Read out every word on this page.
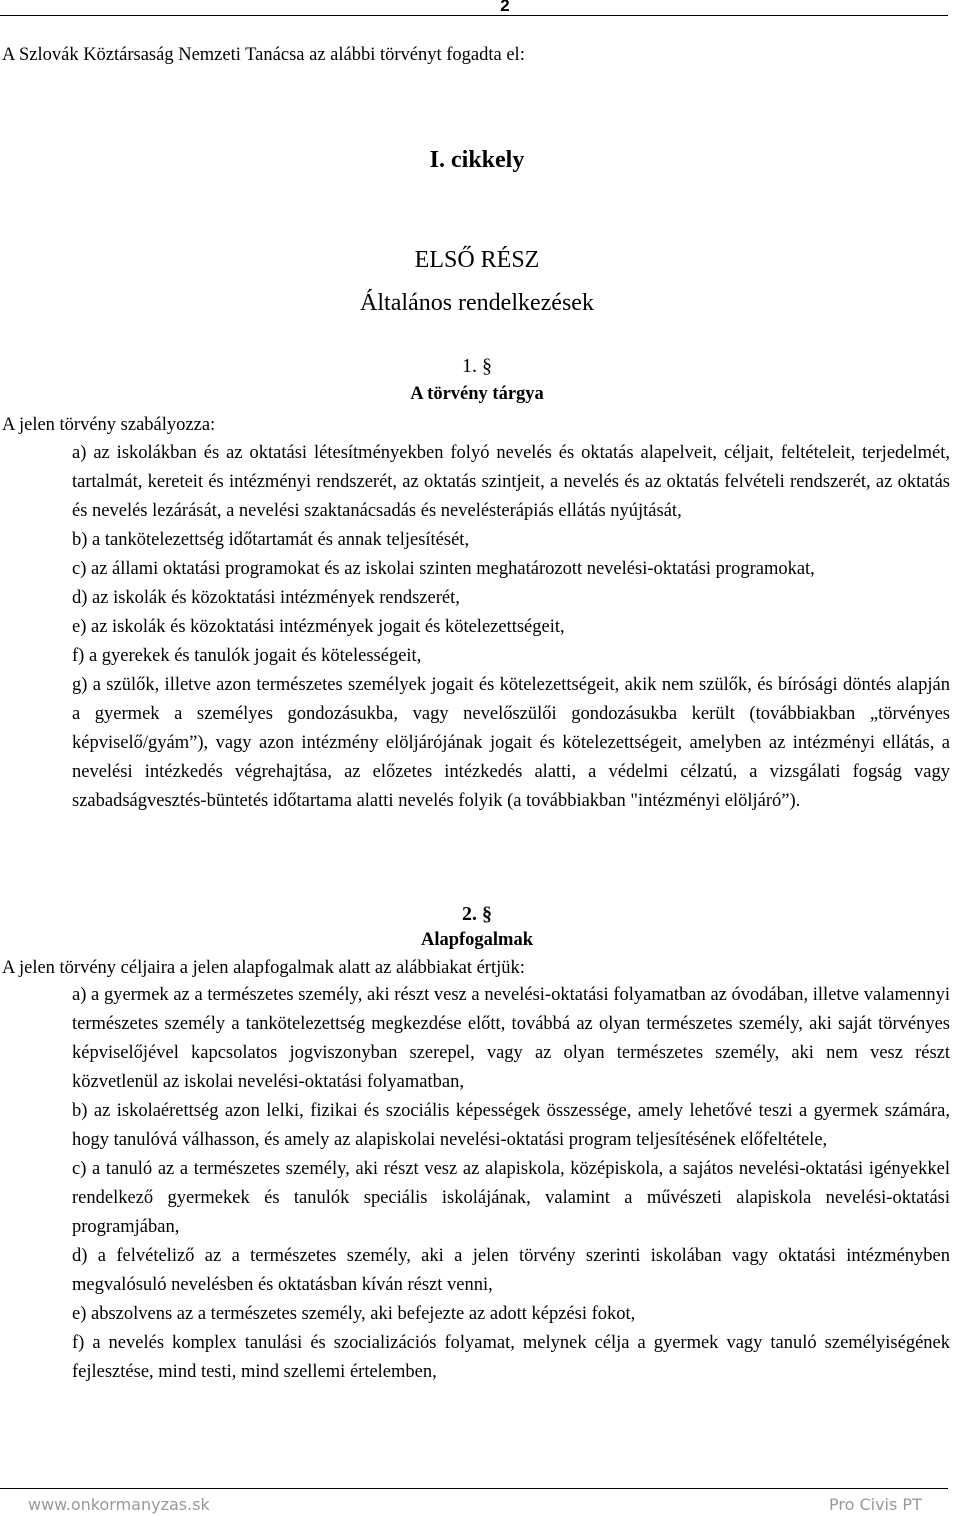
2
A Szlovák Köztársaság Nemzeti Tanácsa az alábbi törvényt fogadta el:
I. cikkely
ELSŐ RÉSZ
Általános rendelkezések
1. §
A törvény tárgya
A jelen törvény szabályozza:

a) az iskolákban és az oktatási létesítményekben folyó nevelés és oktatás alapelveit, céljait, feltételeit, terjedelmét, tartalmát, kereteit és intézményi rendszerét, az oktatás szintjeit, a nevelés és az oktatás felvételi rendszerét, az oktatás és nevelés lezárását, a nevelési szaktanácsadás és nevelésterápiás ellátás nyújtását,

b) a tankötelezettség időtartamát és annak teljesítését,

c) az állami oktatási programokat és az iskolai szinten meghatározott nevelési-oktatási programokat,

d) az iskolák és közoktatási intézmények rendszerét,

e) az iskolák és közoktatási intézmények jogait és kötelezettségeit,

f) a gyerekek és tanulók jogait és kötelességeit,

g) a szülők, illetve azon természetes személyek jogait és kötelezettségeit, akik nem szülők, és bírósági döntés alapján a gyermek a személyes gondozásukba, vagy nevelőszülői gondozásukba került (továbbiakban „törvényes képviselő/gyám”), vagy azon intézmény elöljárójának jogait és kötelezettségeit, amelyben az intézményi ellátás, a nevelési intézkedés végrehajtása, az előzetes intézkedés alatti, a védelmi célzatú, a vizsgálati fogság vagy szabadságvesztés-büntetés időtartama alatti nevelés folyik (a továbbiakban "intézményi elöljáró”).

2. §
Alapfogalmak
A jelen törvény céljaira a jelen alapfogalmak alatt az alábbiakat értjük:

a) a gyermek az a természetes személy, aki részt vesz a nevelési-oktatási folyamatban az óvodában, illetve valamennyi természetes személy a tankötelezettség megkezdése előtt, továbbá az olyan természetes személy, aki saját törvényes képviselőjével kapcsolatos jogviszonyban szerepel, vagy az olyan természetes személy, aki nem vesz részt közvetlenül az iskolai nevelési-oktatási folyamatban,

b) az iskolaérettség azon lelki, fizikai és szociális képességek összessége, amely lehetővé teszi a gyermek számára, hogy tanulóvá válhasson, és amely az alapiskolai nevelési-oktatási program teljesítésének előfeltétele,

c) a tanuló az a természetes személy, aki részt vesz az alapiskola, középiskola, a sajátos nevelési-oktatási igényekkel rendelkező gyermekek és tanulók speciális iskolájának, valamint a művészeti alapiskola nevelési-oktatási programjában,

d) a felvételiző az a természetes személy, aki a jelen törvény szerinti iskolában vagy oktatási intézményben megvalósuló nevelésben és oktatásban kíván részt venni,

e) abszolvens az a természetes személy, aki befejezte az adott képzési fokot,

f) a nevelés komplex tanulási és szocializációs folyamat, melynek célja a gyermek vagy tanuló személyiségének fejlesztése, mind testi, mind szellemi értelemben,

www.onkormanyzas.sk	Pro Civis PT
